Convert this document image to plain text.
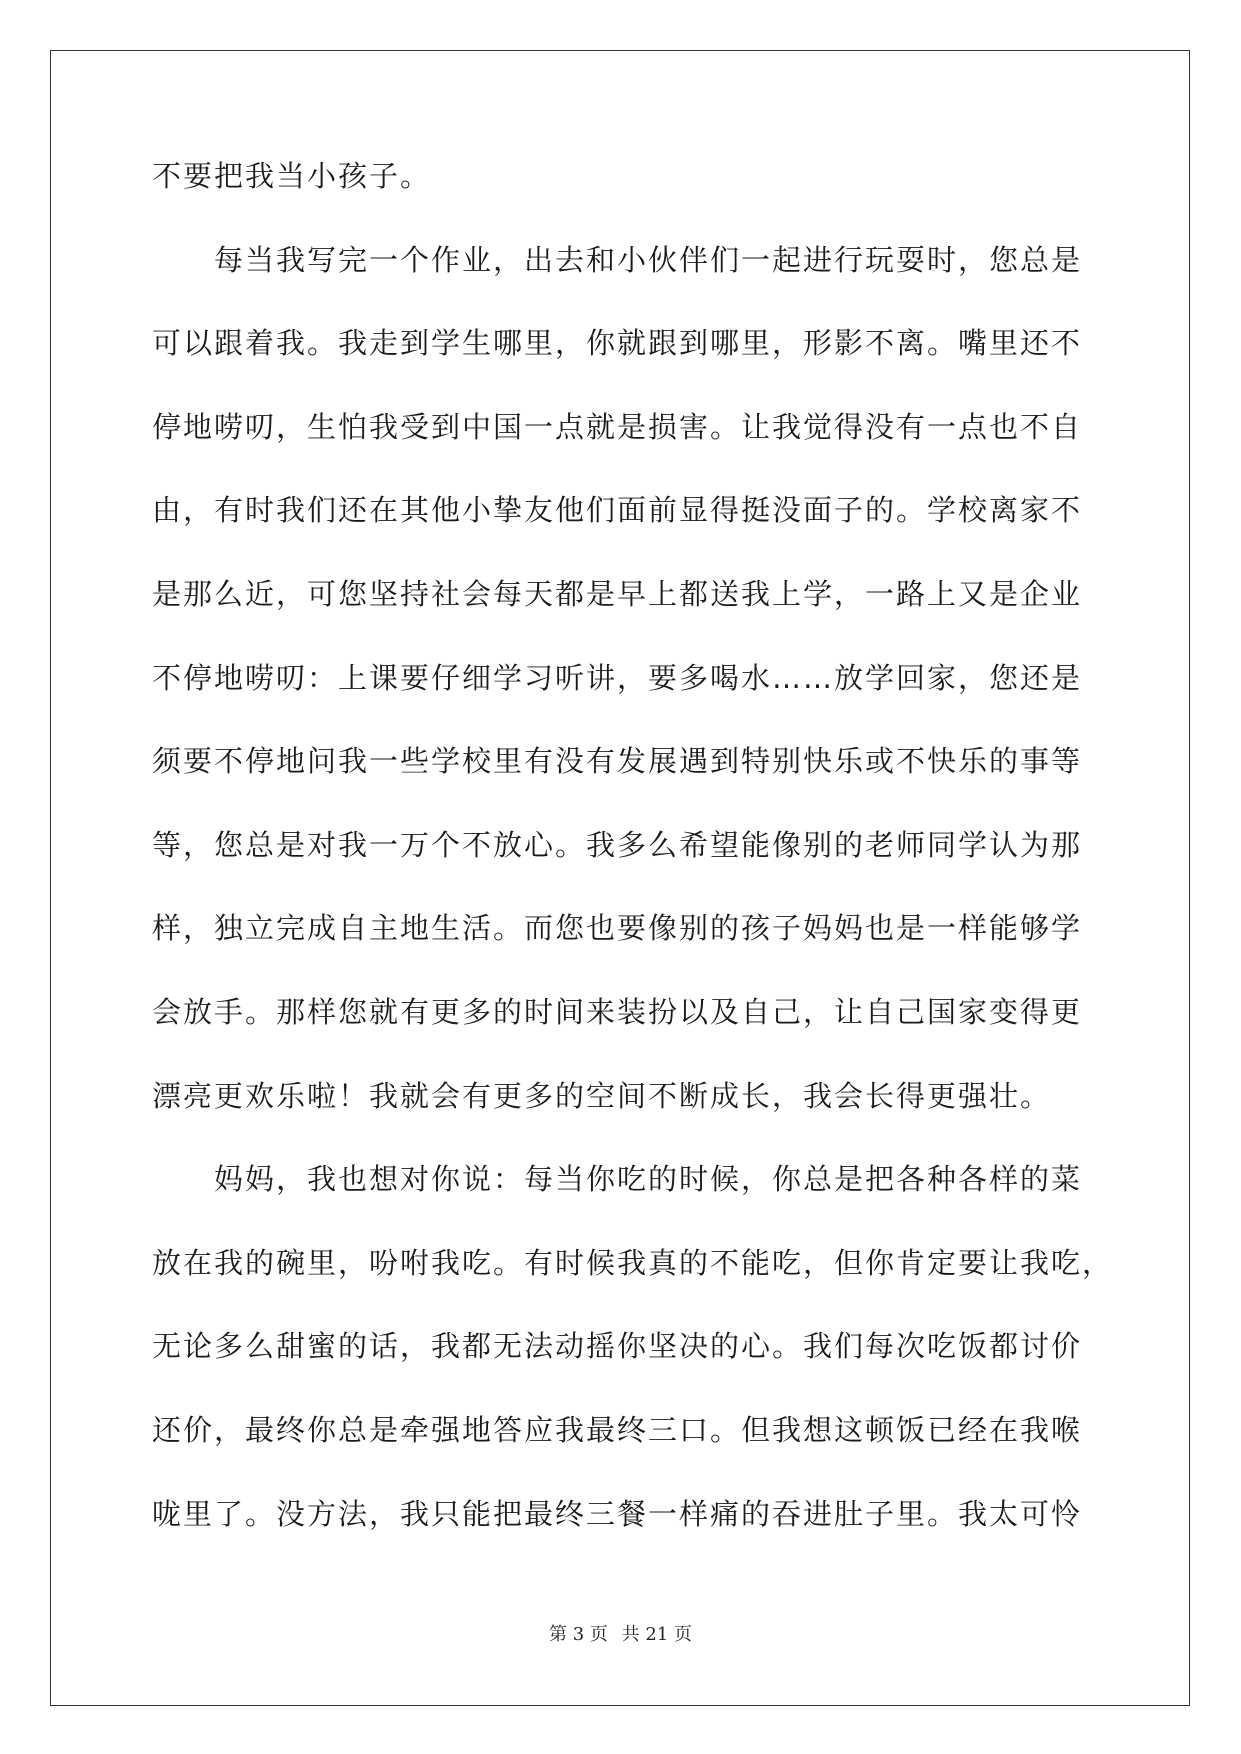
不要把我当小孩子。
　　每当我写完一个作业，出去和小伙伴们一起进行玩耍时，您总是
可以跟着我。我走到学生哪里，你就跟到哪里，形影不离。嘴里还不
停地唠叨，生怕我受到中国一点就是损害。让我觉得没有一点也不自
由，有时我们还在其他小挚友他们面前显得挺没面子的。学校离家不
是那么近，可您坚持社会每天都是早上都送我上学，一路上又是企业
不停地唠叨：上课要仔细学习听讲，要多喝水……放学回家，您还是
须要不停地问我一些学校里有没有发展遇到特别快乐或不快乐的事等
等，您总是对我一万个不放心。我多么希望能像别的老师同学认为那
样，独立完成自主地生活。而您也要像别的孩子妈妈也是一样能够学
会放手。那样您就有更多的时间来装扮以及自己，让自己国家变得更
漂亮更欢乐啦！我就会有更多的空间不断成长，我会长得更强壮。
　　妈妈，我也想对你说：每当你吃的时候，你总是把各种各样的菜
放在我的碗里，吩咐我吃。有时候我真的不能吃，但你肯定要让我吃，
无论多么甜蜜的话，我都无法动摇你坚决的心。我们每次吃饭都讨价
还价，最终你总是牵强地答应我最终三口。但我想这顿饭已经在我喉
咙里了。没方法，我只能把最终三餐一样痛的吞进肚子里。我太可怜
第 3 页 共 21 页
